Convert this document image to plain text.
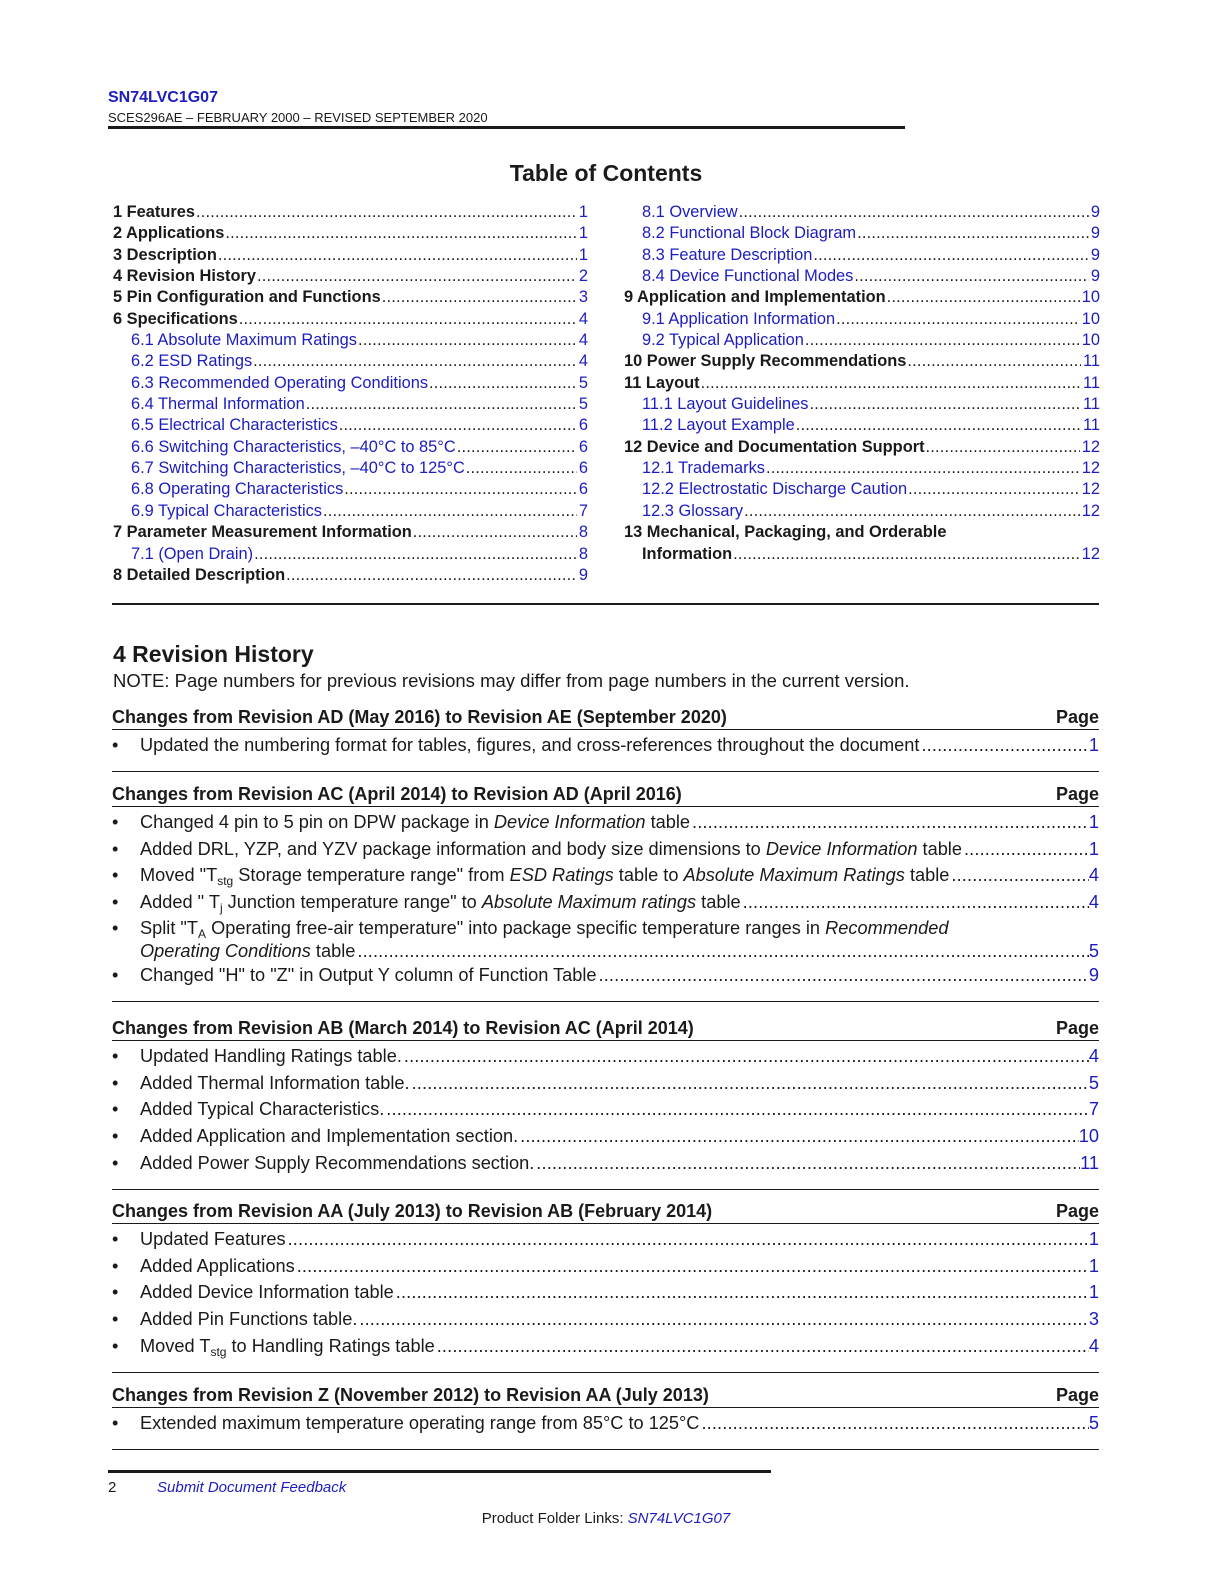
SN74LVC1G07
SCES296AE – FEBRUARY 2000 – REVISED SEPTEMBER 2020
Table of Contents
1 Features .....	1
2 Applications .....	1
3 Description .....	1
4 Revision History .....	2
5 Pin Configuration and Functions .....	3
6 Specifications .....	4
6.1 Absolute Maximum Ratings .....	4
6.2 ESD Ratings .....	4
6.3 Recommended Operating Conditions .....	5
6.4 Thermal Information .....	5
6.5 Electrical Characteristics .....	6
6.6 Switching Characteristics, –40°C to 85°C .....	6
6.7 Switching Characteristics, –40°C to 125°C .....	6
6.8 Operating Characteristics .....	6
6.9 Typical Characteristics .....	7
7 Parameter Measurement Information .....	8
7.1 (Open Drain) .....	8
8 Detailed Description .....	9
8.1 Overview .....	9
8.2 Functional Block Diagram .....	9
8.3 Feature Description .....	9
8.4 Device Functional Modes .....	9
9 Application and Implementation .....	10
9.1 Application Information .....	10
9.2 Typical Application .....	10
10 Power Supply Recommendations .....	11
11 Layout .....	11
11.1 Layout Guidelines .....	11
11.2 Layout Example .....	11
12 Device and Documentation Support .....	12
12.1 Trademarks .....	12
12.2 Electrostatic Discharge Caution .....	12
12.3 Glossary .....	12
13 Mechanical, Packaging, and Orderable
Information .....	12
4 Revision History
NOTE: Page numbers for previous revisions may differ from page numbers in the current version.
Changes from Revision AD (May 2016) to Revision AE (September 2020)	Page
•	Updated the numbering format for tables, figures, and cross-references throughout the document .....	1
Changes from Revision AC (April 2014) to Revision AD (April 2016)	Page
•	Changed 4 pin to 5 pin on DPW package in Device Information table .....	1
•	Added DRL, YZP, and YZV package information and body size dimensions to Device Information table .....	1
•	Moved "$T_{stg}$ Storage temperature range" from ESD Ratings table to Absolute Maximum Ratings table .....	4
•	Added " $T_j$ Junction temperature range" to Absolute Maximum ratings table .....	4
•	Split "$T_A$ Operating free-air temperature" into package specific temperature ranges in Recommended
Operating Conditions table .....	5
•	Changed "H" to "Z" in Output Y column of Function Table .....	9
Changes from Revision AB (March 2014) to Revision AC (April 2014)	Page
•	Updated Handling Ratings table. .....	4
•	Added Thermal Information table. .....	5
•	Added Typical Characteristics. .....	7
•	Added Application and Implementation section. .....	10
•	Added Power Supply Recommendations section. .....	11
Changes from Revision AA (July 2013) to Revision AB (February 2014)	Page
•	Updated Features .....	1
•	Added Applications .....	1
•	Added Device Information table .....	1
•	Added Pin Functions table. .....	3
•	Moved $T_{stg}$ to Handling Ratings table .....	4
Changes from Revision Z (November 2012) to Revision AA (July 2013)	Page
•	Extended maximum temperature operating range from 85°C to 125°C .....	5
2	Submit Document Feedback
Product Folder Links: SN74LVC1G07
